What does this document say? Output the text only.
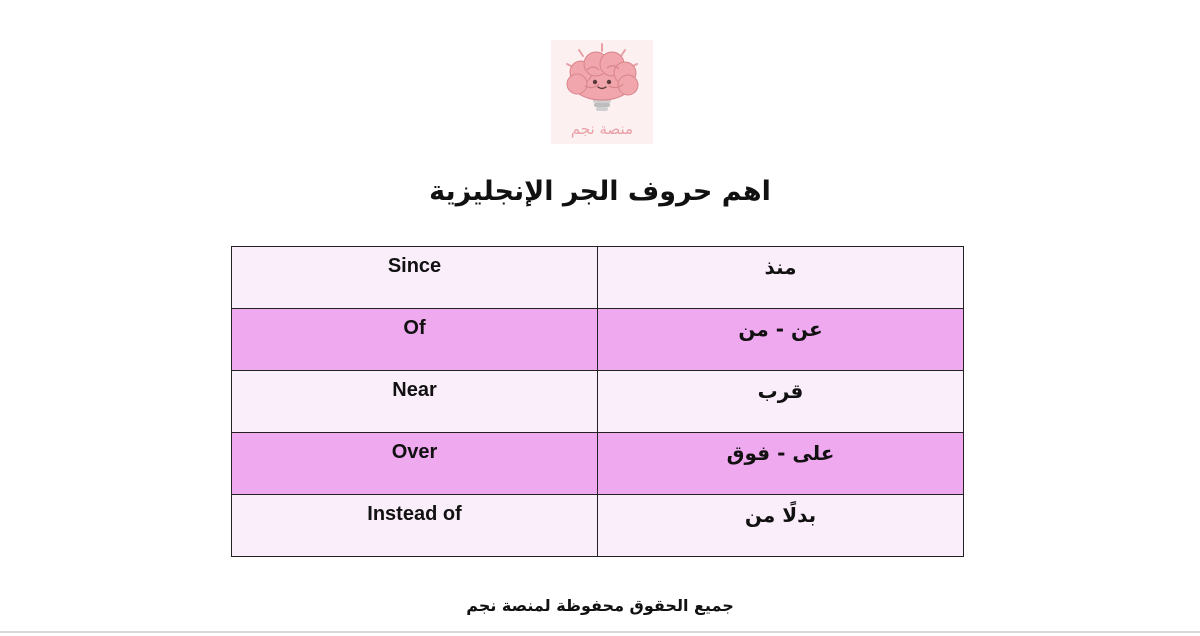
منصة نجم
اهم حروف الجر الإنجليزية
Since	منذ
Of	عن - من
Near	قرب
Over	على - فوق
Instead of	بدلًا من
جميع الحقوق محفوظة لمنصة نجم
